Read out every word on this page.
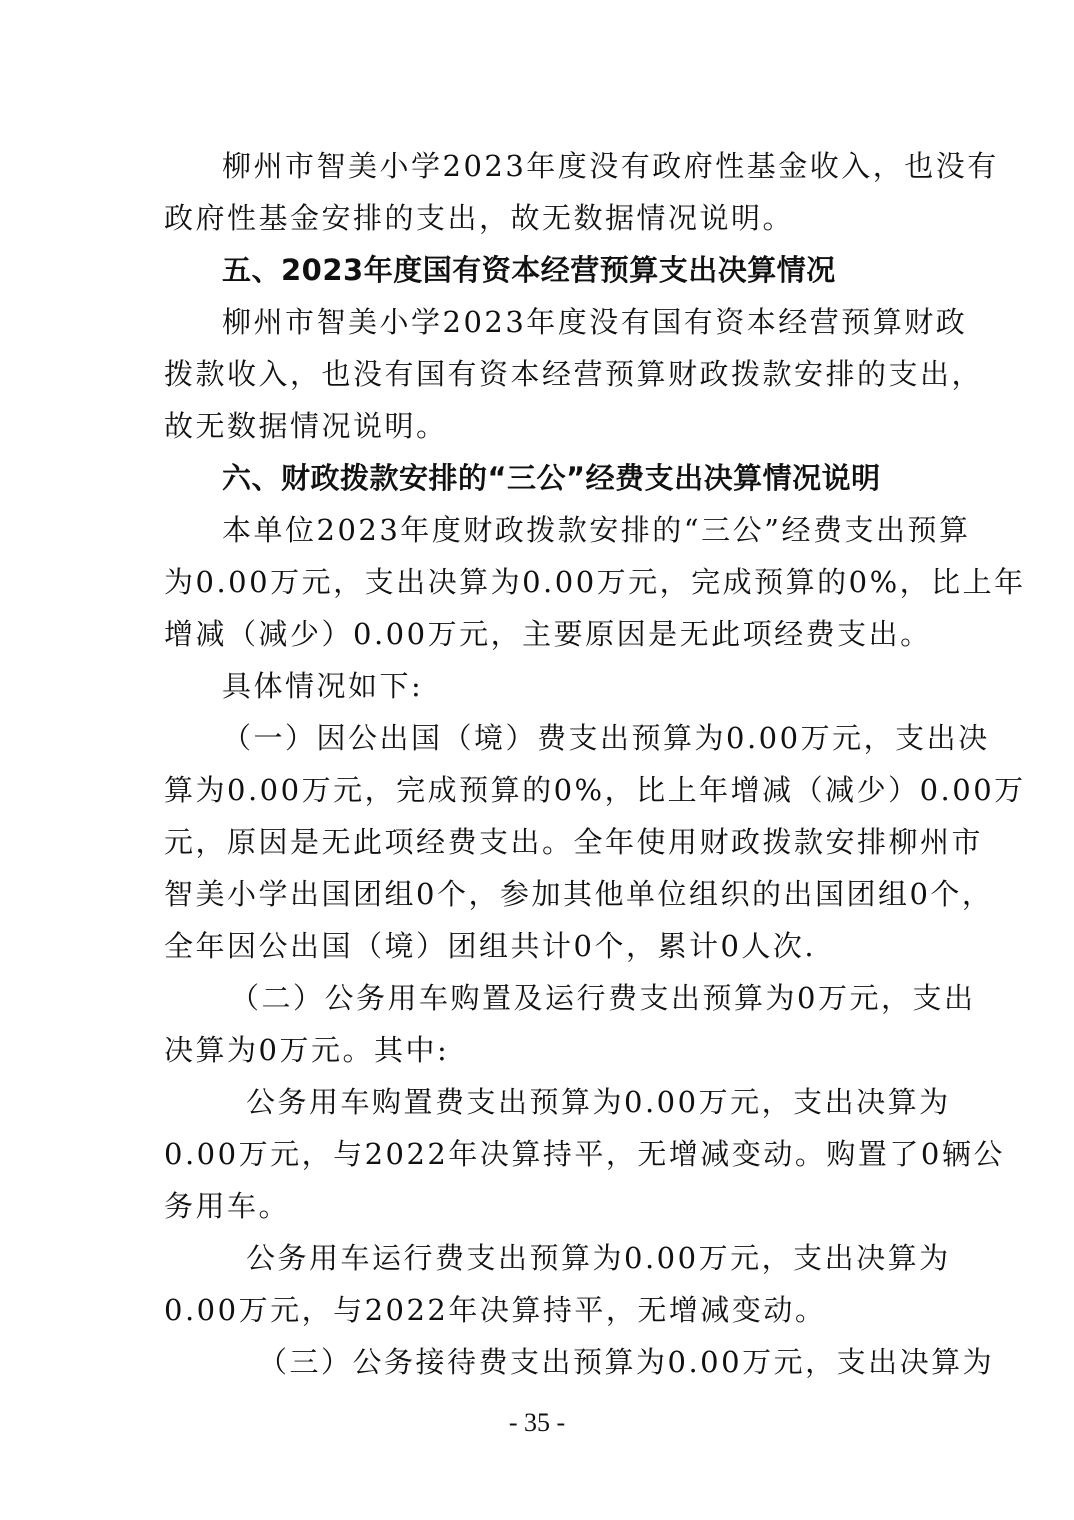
柳州市智美小学2023年度没有政府性基金收入，也没有
政府性基金安排的支出，故无数据情况说明。

五、2023年度国有资本经营预算支出决算情况

柳州市智美小学2023年度没有国有资本经营预算财政
拨款收入，也没有国有资本经营预算财政拨款安排的支出，
故无数据情况说明。

六、财政拨款安排的“三公”经费支出决算情况说明

本单位2023年度财政拨款安排的“三公”经费支出预算
为0.00万元，支出决算为0.00万元，完成预算的0%，比上年
增减（减少）0.00万元，主要原因是无此项经费支出。

具体情况如下:

（一）因公出国（境）费支出预算为0.00万元，支出决
算为0.00万元，完成预算的0%，比上年增减（减少）0.00万
元，原因是无此项经费支出。全年使用财政拨款安排柳州市
智美小学出国团组0个，参加其他单位组织的出国团组0个，
全年因公出国（境）团组共计0个，累计0人次.

（二）公务用车购置及运行费支出预算为0万元，支出
决算为0万元。其中:

公务用车购置费支出预算为0.00万元，支出决算为
0.00万元，与2022年决算持平，无增减变动。购置了0辆公
务用车。

公务用车运行费支出预算为0.00万元，支出决算为
0.00万元，与2022年决算持平，无增减变动。

（三）公务接待费支出预算为0.00万元，支出决算为

- 35 -
